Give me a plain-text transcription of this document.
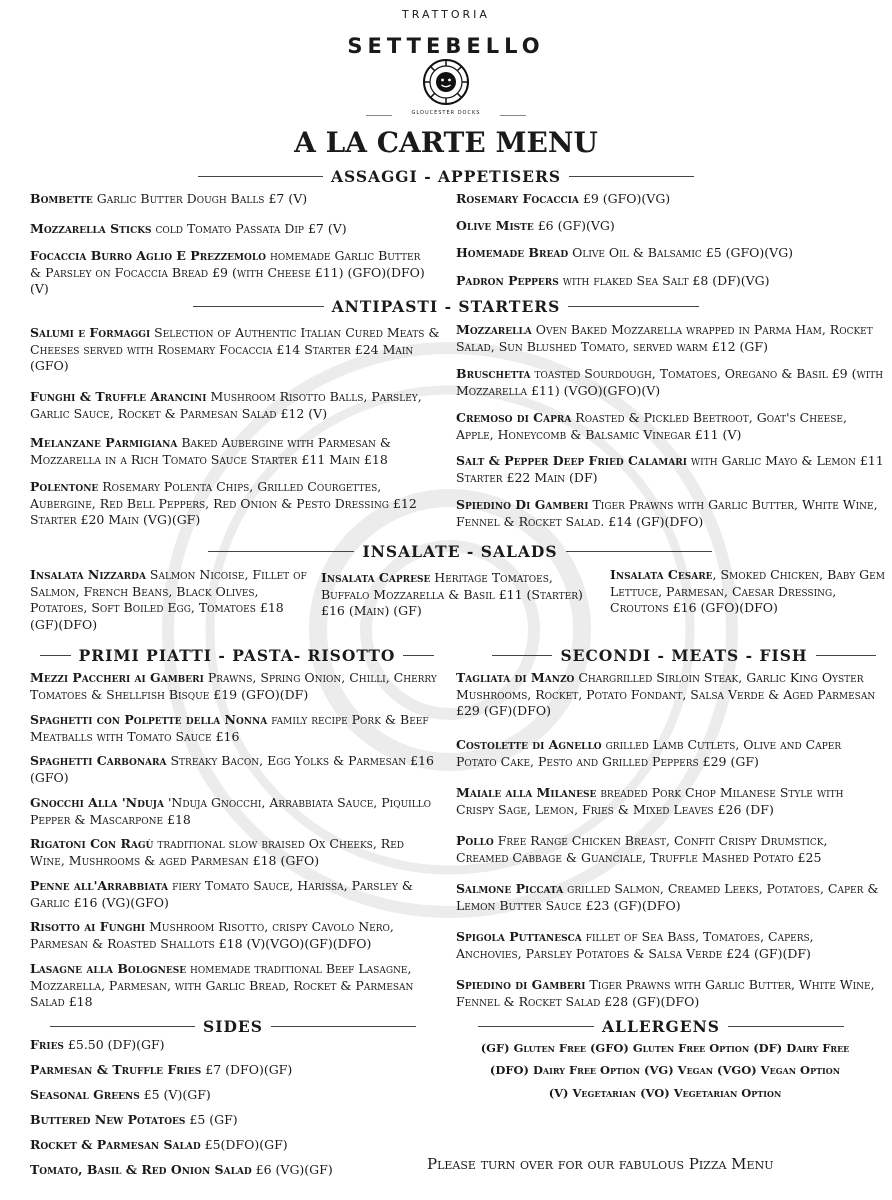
TRATTORIA
SETTEBELLO
GLOUCESTER DOCKS
A LA CARTE MENU
ASSAGGI - APPETISERS
Bombette Garlic Butter Dough Balls £7 (V)
Mozzarella Sticks cold Tomato Passata Dip £7 (V)
Focaccia Burro Aglio E Prezzemolo homemade Garlic Butter & Parsley on Focaccia Bread £9 (with Cheese £11) (GFO)(DFO)(V)
Rosemary Focaccia £9 (GFO)(VG)
Olive Miste £6 (GF)(VG)
Homemade Bread Olive Oil & Balsamic £5 (GFO)(VG)
Padron Peppers with flaked Sea Salt £8 (DF)(VG)
ANTIPASTI - STARTERS
Salumi e Formaggi Selection of Authentic Italian Cured Meats & Cheeses served with Rosemary Focaccia £14 Starter £24 Main (GFO)
Funghi & Truffle Arancini Mushroom Risotto Balls, Parsley, Garlic Sauce, Rocket & Parmesan Salad £12 (V)
Melanzane Parmigiana Baked Aubergine with Parmesan & Mozzarella in a Rich Tomato Sauce Starter £11 Main £18
Polentone Rosemary Polenta Chips, Grilled Courgettes, Aubergine, Red Bell Peppers, Red Onion & Pesto Dressing £12 Starter £20 Main (VG)(GF)
Mozzarella Oven Baked Mozzarella wrapped in Parma Ham, Rocket Salad, Sun Blushed Tomato, served warm £12 (GF)
Bruschetta toasted Sourdough, Tomatoes, Oregano & Basil £9 (with Mozzarella £11) (VGO)(GFO)(V)
Cremoso di Capra Roasted & Pickled Beetroot, Goat's Cheese, Apple, Honeycomb & Balsamic Vinegar £11 (V)
Salt & Pepper Deep Fried Calamari with Garlic Mayo & Lemon £11 Starter £22 Main (DF)
Spiedino Di Gamberi Tiger Prawns with Garlic Butter, White Wine, Fennel & Rocket Salad. £14 (GF)(DFO)
INSALATE - SALADS
Insalata Nizzarda Salmon Nicoise, Fillet of Salmon, French Beans, Black Olives, Potatoes, Soft Boiled Egg, Tomatoes £18 (GF)(DFO)
Insalata Caprese Heritage Tomatoes, Buffalo Mozzarella & Basil £11 (Starter) £16 (Main) (GF)
Insalata Cesare, Smoked Chicken, Baby Gem Lettuce, Parmesan, Caesar Dressing, Croutons £16 (GFO)(DFO)
PRIMI PIATTI - PASTA- RISOTTO
Mezzi Paccheri ai Gamberi Prawns, Spring Onion, Chilli, Cherry Tomatoes & Shellfish Bisque £19 (GFO)(DF)
Spaghetti con Polpette della Nonna family recipe Pork & Beef Meatballs with Tomato Sauce £16
Spaghetti Carbonara Streaky Bacon, Egg Yolks & Parmesan £16 (GFO)
Gnocchi Alla 'Nduja 'Nduja Gnocchi, Arrabbiata Sauce, Piquillo Pepper & Mascarpone £18
Rigatoni Con Ragù traditional slow braised Ox Cheeks, Red Wine, Mushrooms & aged Parmesan £18 (GFO)
Penne all'Arrabbiata fiery Tomato Sauce, Harissa, Parsley & Garlic £16 (VG)(GFO)
Risotto ai Funghi Mushroom Risotto, crispy Cavolo Nero, Parmesan & Roasted Shallots £18 (V)(VGO)(GF)(DFO)
Lasagne alla Bolognese homemade traditional Beef Lasagne, Mozzarella, Parmesan, with Garlic Bread, Rocket & Parmesan Salad £18
SECONDI - MEATS - FISH
Tagliata di Manzo Chargrilled Sirloin Steak, Garlic King Oyster Mushrooms, Rocket, Potato Fondant, Salsa Verde & Aged Parmesan £29 (GF)(DFO)
Costolette di Agnello grilled Lamb Cutlets, Olive and Caper Potato Cake, Pesto and Grilled Peppers £29 (GF)
Maiale alla Milanese breaded Pork Chop Milanese Style with Crispy Sage, Lemon, Fries & Mixed Leaves £26 (DF)
Pollo Free Range Chicken Breast, Confit Crispy Drumstick, Creamed Cabbage & Guanciale, Truffle Mashed Potato £25
Salmone Piccata grilled Salmon, Creamed Leeks, Potatoes, Caper & Lemon Butter Sauce £23 (GF)(DFO)
Spigola Puttanesca fillet of Sea Bass, Tomatoes, Capers, Anchovies, Parsley Potatoes & Salsa Verde £24 (GF)(DF)
Spiedino di Gamberi Tiger Prawns with Garlic Butter, White Wine, Fennel & Rocket Salad £28 (GF)(DFO)
SIDES
Fries £5.50 (DF)(GF)
Parmesan & Truffle Fries £7 (DFO)(GF)
Seasonal Greens £5 (V)(GF)
Buttered New Potatoes £5 (GF)
Rocket & Parmesan Salad £5(DFO)(GF)
Tomato, Basil & Red Onion Salad £6 (VG)(GF)
ALLERGENS
(GF) Gluten Free (GFO) Gluten Free Option (DF) Dairy Free
(DFO) Dairy Free Option (VG) Vegan (VGO) Vegan Option
(V) Vegetarian (VO) Vegetarian Option
Please turn over for our fabulous Pizza Menu
